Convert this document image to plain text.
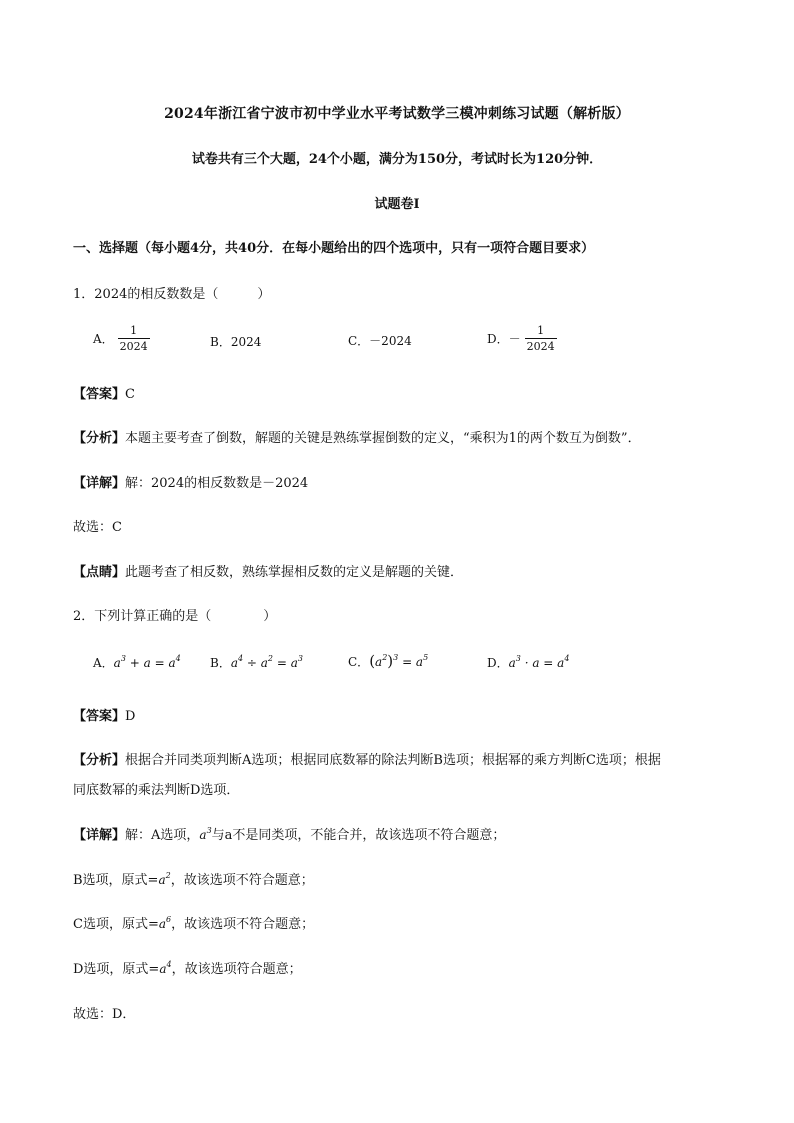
2024年浙江省宁波市初中学业水平考试数学三模冲刺练习试题（解析版）
试卷共有三个大题，24个小题，满分为150分，考试时长为120分钟．
试题卷I
一、选择题（每小题4分，共40分．在每小题给出的四个选项中，只有一项符合题目要求）
1．2024的相反数数是（　　　）
A． $\frac{1}{2024}$	B．2024	C．－2024	D．－ $\frac{1}{2024}$
【答案】C
【分析】本题主要考查了倒数，解题的关键是熟练掌握倒数的定义，“乘积为1的两个数互为倒数”．
【详解】解：2024的相反数数是－2024
故选：C
【点睛】此题考查了相反数，熟练掌握相反数的定义是解题的关键．
2．下列计算正确的是（　　　　）
A． $a^3 + a = a^4$ B． $a^4 \div a^2 = a^3$	C． $(a^2)^3 = a^5$	D． $a^3 \cdot a = a^4$
【答案】D
【分析】根据合并同类项判断A选项；根据同底数幂的除法判断B选项；根据幂的乘方判断C选项；根据
同底数幂的乘法判断D选项．
【详解】解：A选项，$a^3$与a不是同类项，不能合并，故该选项不符合题意；
B选项，原式$=a^2$，故该选项不符合题意；
C选项，原式$=a^6$，故该选项不符合题意；
D选项，原式$=a^4$，故该选项符合题意；
故选：D．
